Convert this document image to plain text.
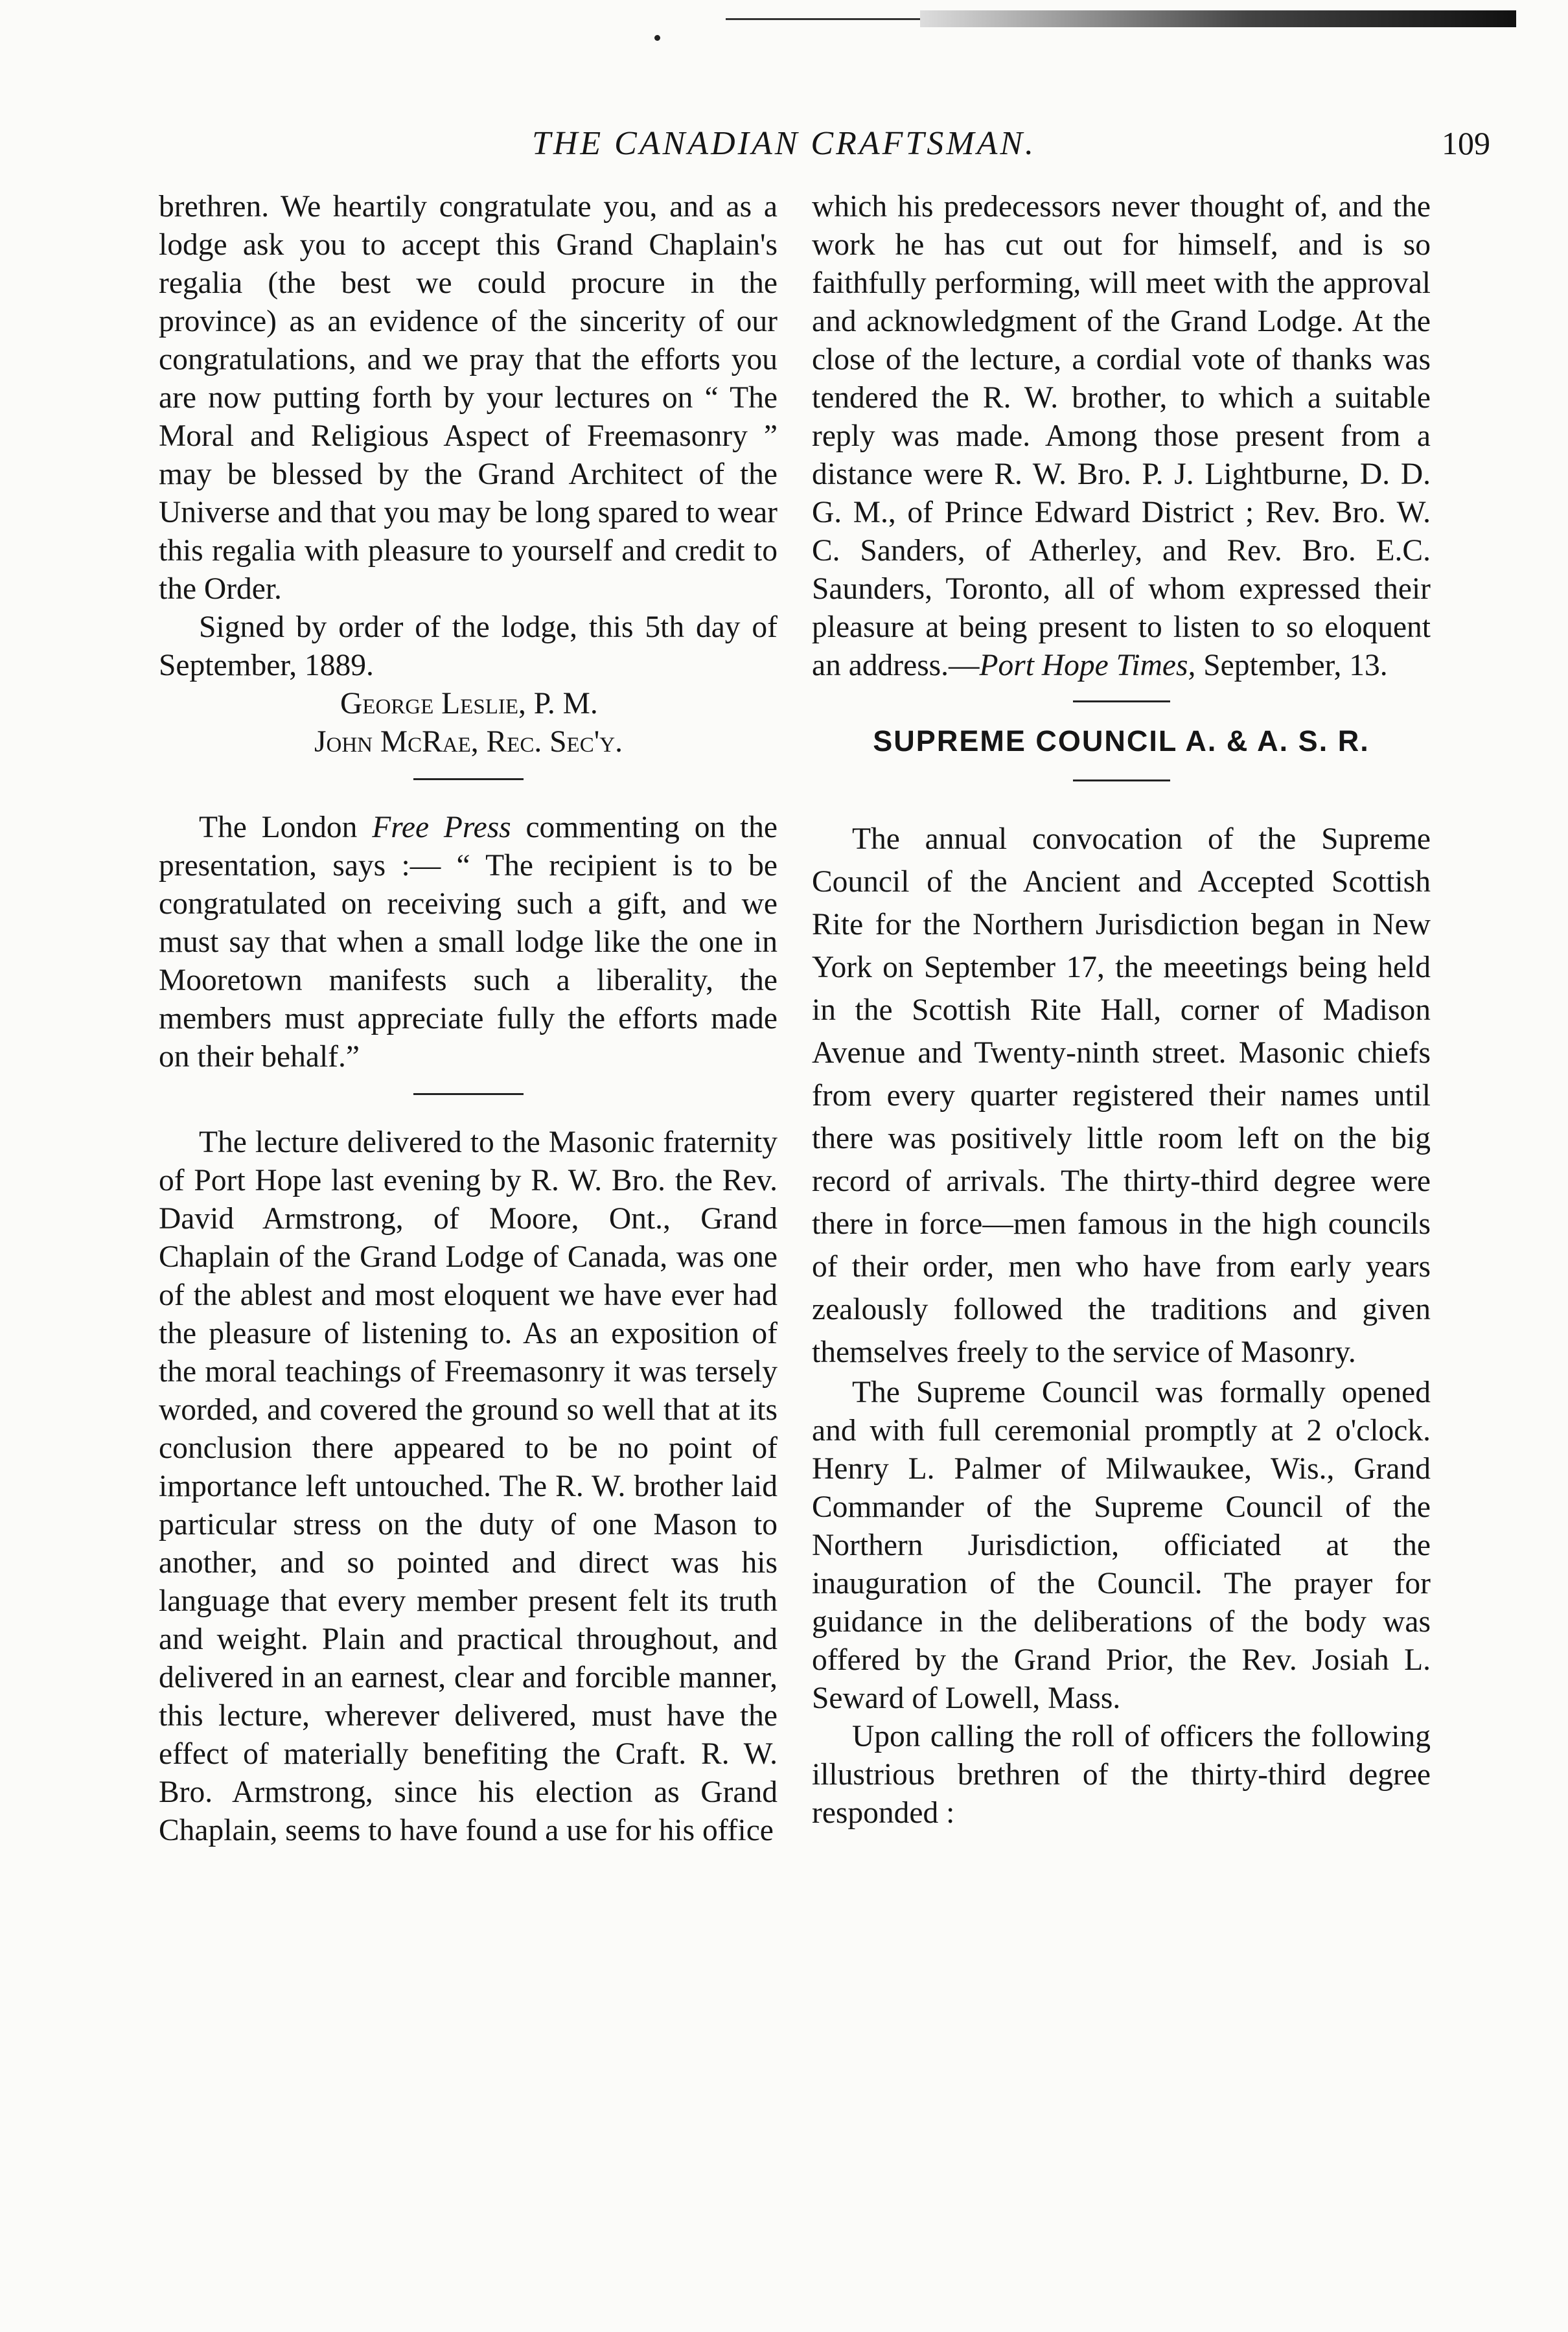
THE CANADIAN CRAFTSMAN.	109

brethren. We heartily congratulate you, and as a lodge ask you to accept this Grand Chaplain's regalia (the best we could procure in the province) as an evidence of the sincerity of our congratulations, and we pray that the efforts you are now putting forth by your lectures on “ The Moral and Religious Aspect of Freemasonry ” may be blessed by the Grand Architect of the Universe and that you may be long spared to wear this regalia with pleasure to yourself and credit to the Order.

Signed by order of the lodge, this 5th day of September, 1889.

George Leslie, P. M.

John McRae, Rec. Sec'y.

The London Free Press commenting on the presentation, says :— “ The recipient is to be congratulated on receiving such a gift, and we must say that when a small lodge like the one in Mooretown manifests such a liberality, the members must appreciate fully the efforts made on their behalf.”

The lecture delivered to the Masonic fraternity of Port Hope last evening by R. W. Bro. the Rev. David Armstrong, of Moore, Ont., Grand Chaplain of the Grand Lodge of Canada, was one of the ablest and most eloquent we have ever had the pleasure of listening to. As an exposition of the moral teachings of Freemasonry it was tersely worded, and covered the ground so well that at its conclusion there appeared to be no point of importance left untouched. The R. W. brother laid particular stress on the duty of one Mason to another, and so pointed and direct was his language that every member present felt its truth and weight. Plain and practical throughout, and delivered in an earnest, clear and forcible manner, this lecture, wherever delivered, must have the effect of materially benefiting the Craft. R. W. Bro. Armstrong, since his election as Grand Chaplain, seems to have found a use for his office

which his predecessors never thought of, and the work he has cut out for himself, and is so faithfully performing, will meet with the approval and acknowledgment of the Grand Lodge. At the close of the lecture, a cordial vote of thanks was tendered the R. W. brother, to which a suitable reply was made. Among those present from a distance were R. W. Bro. P. J. Lightburne, D. D. G. M., of Prince Edward District ; Rev. Bro. W. C. Sanders, of Atherley, and Rev. Bro. E.C. Saunders, Toronto, all of whom expressed their pleasure at being present to listen to so eloquent an address.—Port Hope Times, September, 13.

SUPREME COUNCIL A. & A. S. R.

The annual convocation of the Supreme Council of the Ancient and Accepted Scottish Rite for the Northern Jurisdiction began in New York on September 17, the meeetings being held in the Scottish Rite Hall, corner of Madison Avenue and Twenty-ninth street. Masonic chiefs from every quarter registered their names until there was positively little room left on the big record of arrivals. The thirty-third degree were there in force—men famous in the high councils of their order, men who have from early years zealously followed the traditions and given themselves freely to the service of Masonry.

The Supreme Council was formally opened and with full ceremonial promptly at 2 o'clock. Henry L. Palmer of Milwaukee, Wis., Grand Commander of the Supreme Council of the Northern Jurisdiction, officiated at the inauguration of the Council. The prayer for guidance in the deliberations of the body was offered by the Grand Prior, the Rev. Josiah L. Seward of Lowell, Mass.

Upon calling the roll of officers the following illustrious brethren of the thirty-third degree responded :
